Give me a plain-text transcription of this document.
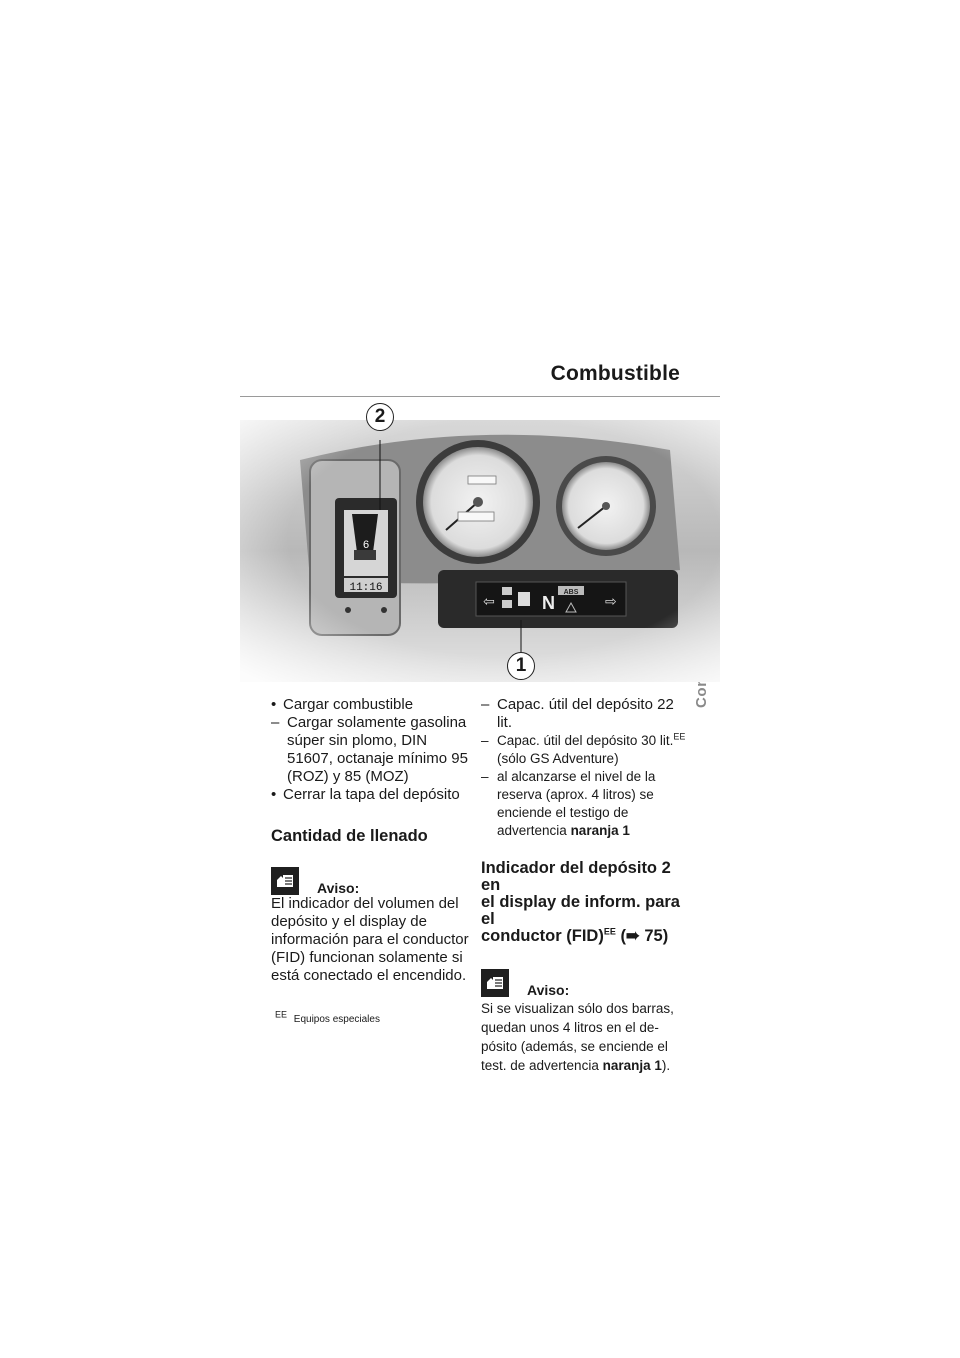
Combustible
2
1

• Cargar combustible

– Cargar solamente gasolina súper sin plomo, DIN 51607, octanaje mínimo 95 (ROZ) y 85 (MOZ)

• Cerrar la tapa del depósito

Cantidad de llenado

Aviso:

El indicador del volumen del depósito y el display de información para el conductor (FID) funcionan solamente si está conectado el encendido.

EE Equipos especiales

– Capac. útil del depósito 22 lit.

– Capac. útil del depósito 30 lit.$^{EE}$
(sólo GS Adventure)

– al alcanzarse el nivel de la reserva (aprox. 4 litros) se enciende el testigo de advertencia naranja 1

Indicador del depósito 2 en
el display de inform. para el
conductor (FID)$^{EE}$ (➠ 75)
Aviso:

Si se visualizan sólo dos barras, quedan unos 4 litros en el de-pósito (además, se enciende el test. de advertencia naranja 1).
